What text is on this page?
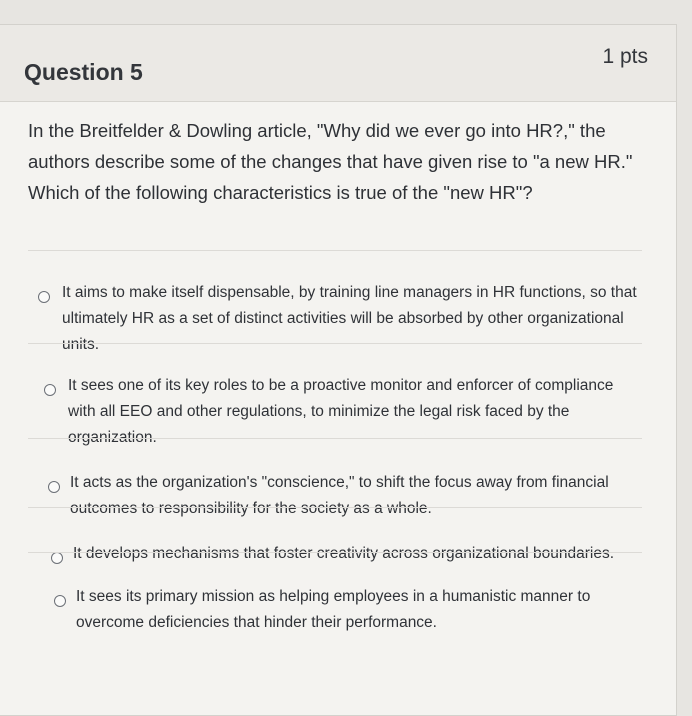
Question 5
1 pts
In the Breitfelder & Dowling article, "Why did we ever go into HR?," the authors describe some of the changes that have given rise to "a new HR." Which of the following characteristics is true of the "new HR"?
It aims to make itself dispensable, by training line managers in HR functions, so that ultimately HR as a set of distinct activities will be absorbed by other organizational units.
It sees one of its key roles to be a proactive monitor and enforcer of compliance with all EEO and other regulations, to minimize the legal risk faced by the organization.
It acts as the organization's "conscience," to shift the focus away from financial outcomes to responsibility for the society as a whole.
It develops mechanisms that foster creativity across organizational boundaries.
It sees its primary mission as helping employees in a humanistic manner to overcome deficiencies that hinder their performance.
